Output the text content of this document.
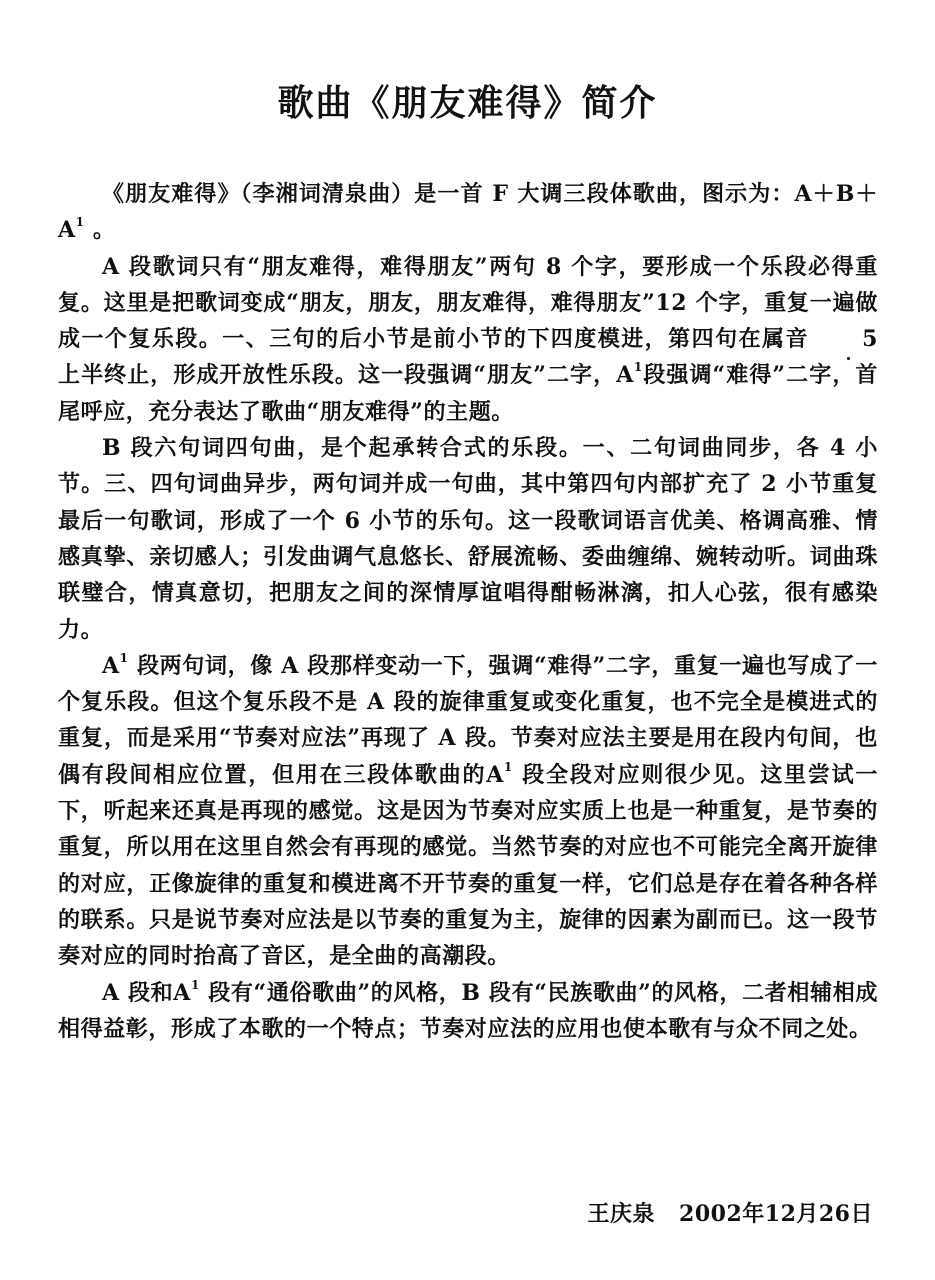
歌曲《朋友难得》简介

《朋友难得》（李湘词清泉曲）是一首 F 大调三段体歌曲，图示为：$A+B+A^1$ 。

A 段歌词只有“朋友难得，难得朋友”两句 8 个字，要形成一个乐段必得重复。这里是把歌词变成“朋友，朋友，朋友难得，难得朋友”12 个字，重复一遍做成一个复乐段。一、三句的后小节是前小节的下四度模进，第四句在属音 5
上半终止，形成开放性乐段。这一段强调“朋友”二字，$A^1$段强调“难得”二字，首尾呼应，充分表达了歌曲“朋友难得”的主题。

B 段六句词四句曲，是个起承转合式的乐段。一、二句词曲同步，各 4 小节。三、四句词曲异步，两句词并成一句曲，其中第四句内部扩充了 2 小节重复最后一句歌词，形成了一个 6 小节的乐句。这一段歌词语言优美、格调高雅、情感真挚、亲切感人；引发曲调气息悠长、舒展流畅、委曲缠绵、婉转动听。词曲珠联璧合，情真意切，把朋友之间的深情厚谊唱得酣畅淋漓，扣人心弦，很有感染力。

$A^1$ 段两句词，像 A 段那样变动一下，强调“难得”二字，重复一遍也写成了一个复乐段。但这个复乐段不是 A 段的旋律重复或变化重复，也不完全是模进式的重复，而是采用“节奏对应法”再现了 A 段。节奏对应法主要是用在段内句间，也偶有段间相应位置，但用在三段体歌曲的$A^1$ 段全段对应则很少见。这里尝试一下，听起来还真是再现的感觉。这是因为节奏对应实质上也是一种重复，是节奏的重复，所以用在这里自然会有再现的感觉。当然节奏的对应也不可能完全离开旋律的对应，正像旋律的重复和模进离不开节奏的重复一样，它们总是存在着各种各样的联系。只是说节奏对应法是以节奏的重复为主，旋律的因素为副而已。这一段节奏对应的同时抬高了音区，是全曲的高潮段。

A 段和$A^1$ 段有“通俗歌曲”的风格，B 段有“民族歌曲”的风格，二者相辅相成相得益彰，形成了本歌的一个特点；节奏对应法的应用也使本歌有与众不同之处。

王庆泉 2002年12月26日
